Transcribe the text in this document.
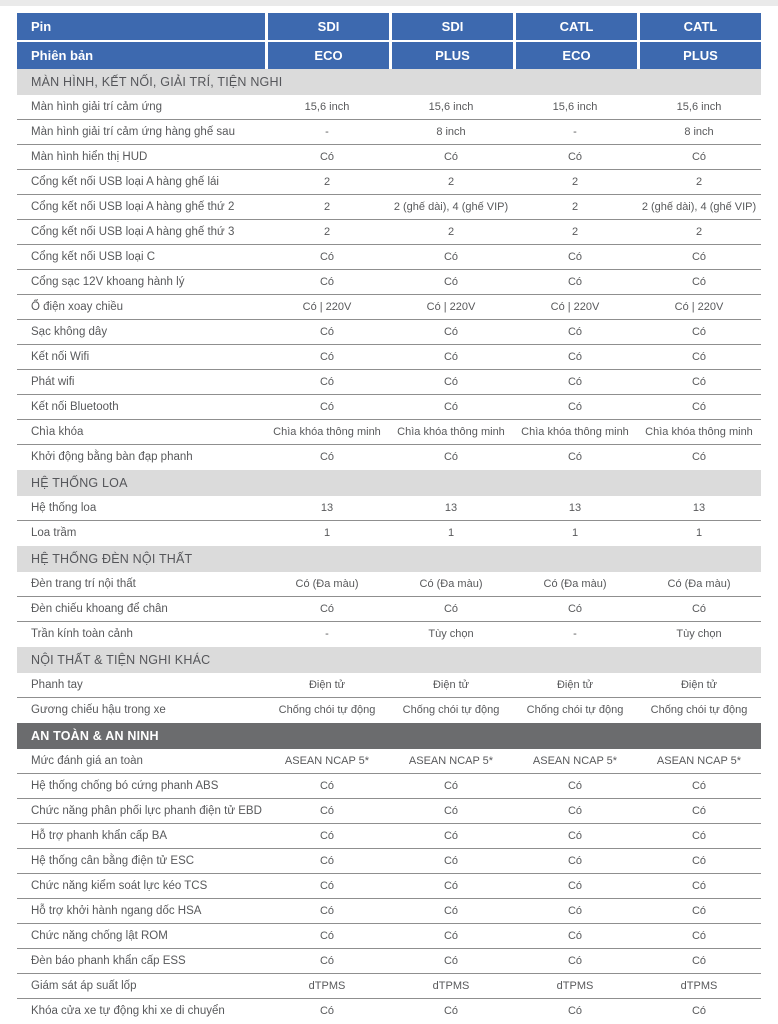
Pin	SDI	SDI	CATL	CATL
Phiên bản	ECO	PLUS	ECO	PLUS
MÀN HÌNH, KẾT NỐI, GIẢI TRÍ, TIỆN NGHI
Màn hình giải trí cảm ứng	15,6 inch	15,6 inch	15,6 inch	15,6 inch
Màn hình giải trí cảm ứng hàng ghế sau	-	8 inch	-	8 inch
Màn hình hiển thị HUD	Có	Có	Có	Có
Cổng kết nối USB loại A hàng ghế lái	2	2	2	2
Cổng kết nối USB loại A hàng ghế thứ 2	2	2 (ghế dài), 4 (ghế VIP)	2	2 (ghế dài), 4 (ghế VIP)
Cổng kết nối USB loại A hàng ghế thứ 3	2	2	2	2
Cổng kết nối USB loại C	Có	Có	Có	Có
Cổng sạc 12V khoang hành lý	Có	Có	Có	Có
Ổ điện xoay chiều	Có | 220V	Có | 220V	Có | 220V	Có | 220V
Sạc không dây	Có	Có	Có	Có
Kết nối Wifi	Có	Có	Có	Có
Phát wifi	Có	Có	Có	Có
Kết nối Bluetooth	Có	Có	Có	Có
Chìa khóa	Chìa khóa thông minh	Chìa khóa thông minh	Chìa khóa thông minh	Chìa khóa thông minh
Khởi động bằng bàn đạp phanh	Có	Có	Có	Có
HỆ THỐNG LOA
Hệ thống loa	13	13	13	13
Loa trầm	1	1	1	1
HỆ THỐNG ĐÈN NỘI THẤT
Đèn trang trí nội thất	Có (Đa màu)	Có (Đa màu)	Có (Đa màu)	Có (Đa màu)
Đèn chiếu khoang để chân	Có	Có	Có	Có
Trần kính toàn cảnh	-	Tùy chọn	-	Tùy chọn
NỘI THẤT & TIỆN NGHI KHÁC
Phanh tay	Điện tử	Điện tử	Điện tử	Điện tử
Gương chiếu hậu trong xe	Chống chói tự động	Chống chói tự động	Chống chói tự động	Chống chói tự động
AN TOÀN & AN NINH
Mức đánh giá an toàn	ASEAN NCAP 5*	ASEAN NCAP 5*	ASEAN NCAP 5*	ASEAN NCAP 5*
Hệ thống chống bó cứng phanh ABS	Có	Có	Có	Có
Chức năng phân phối lực phanh điện tử EBD	Có	Có	Có	Có
Hỗ trợ phanh khẩn cấp BA	Có	Có	Có	Có
Hệ thống cân bằng điện tử ESC	Có	Có	Có	Có
Chức năng kiểm soát lực kéo TCS	Có	Có	Có	Có
Hỗ trợ khởi hành ngang dốc HSA	Có	Có	Có	Có
Chức năng chống lật ROM	Có	Có	Có	Có
Đèn báo phanh khẩn cấp ESS	Có	Có	Có	Có
Giám sát áp suất lốp	dTPMS	dTPMS	dTPMS	dTPMS
Khóa cửa xe tự động khi xe di chuyển	Có	Có	Có	Có
